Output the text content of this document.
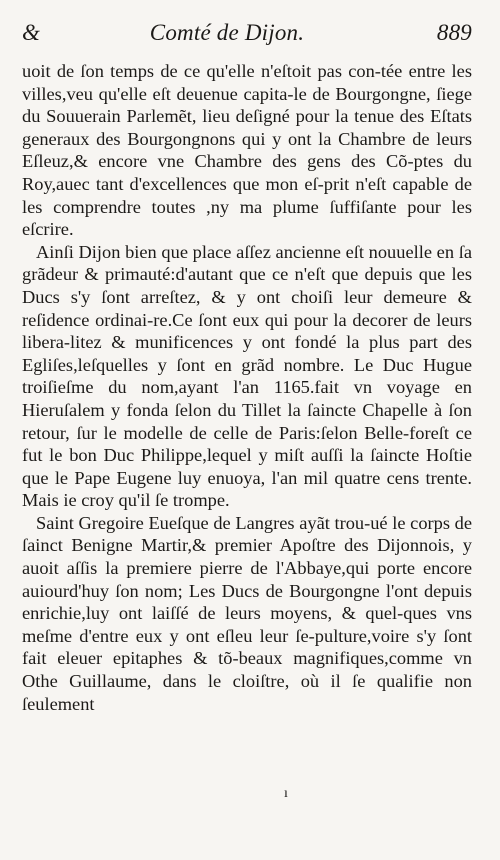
&	Comté de Dijon.	889

uoit de ſon temps de ce qu'elle n'eſtoit pas con-tée entre les villes,veu qu'elle eſt deuenue capita-le de Bourgongne, ſiege du Souuerain Parlemẽt, lieu deſigné pour la tenue des Eſtats generaux des Bourgongnons qui y ont la Chambre de leurs Eſleuz,& encore vne Chambre des gens des Cõ-ptes du Roy,auec tant d'excellences que mon eſ-prit n'eſt capable de les comprendre toutes ,ny ma plume ſuffiſante pour les eſcrire.

Ainſi Dijon bien que place aſſez ancienne eſt nouuelle en ſa grãdeur & primauté:d'autant que ce n'eſt que depuis que les Ducs s'y ſont arreſtez, & y ont choiſi leur demeure & reſidence ordinai-re.Ce ſont eux qui pour la decorer de leurs libera-litez & munificences y ont fondé la plus part des Egliſes,leſquelles y ſont en grãd nombre. Le Duc Hugue troiſieſme du nom,ayant l'an 1165.fait vn voyage en Hieruſalem y fonda ſelon du Tillet la ſaincte Chapelle à ſon retour, ſur le modelle de celle de Paris:ſelon Belle-foreſt ce fut le bon Duc Philippe,lequel y miſt auſſi la ſaincte Hoſtie que le Pape Eugene luy enuoya, l'an mil quatre cens trente. Mais ie croy qu'il ſe trompe.

Saint Gregoire Eueſque de Langres ayãt trou-ué le corps de ſainct Benigne Martir,& premier Apoſtre des Dijonnois, y auoit aſſis la premiere pierre de l'Abbaye,qui porte encore auiourd'huy ſon nom; Les Ducs de Bourgongne l'ont depuis enrichie,luy ont laiſſé de leurs moyens, & quel-ques vns meſme d'entre eux y ont eſleu leur ſe-pulture,voire s'y ſont fait eleuer epitaphes & tõ-beaux magnifiques,comme vn Othe Guillaume, dans le cloiſtre, où il ſe qualifie non ſeulement

ı
